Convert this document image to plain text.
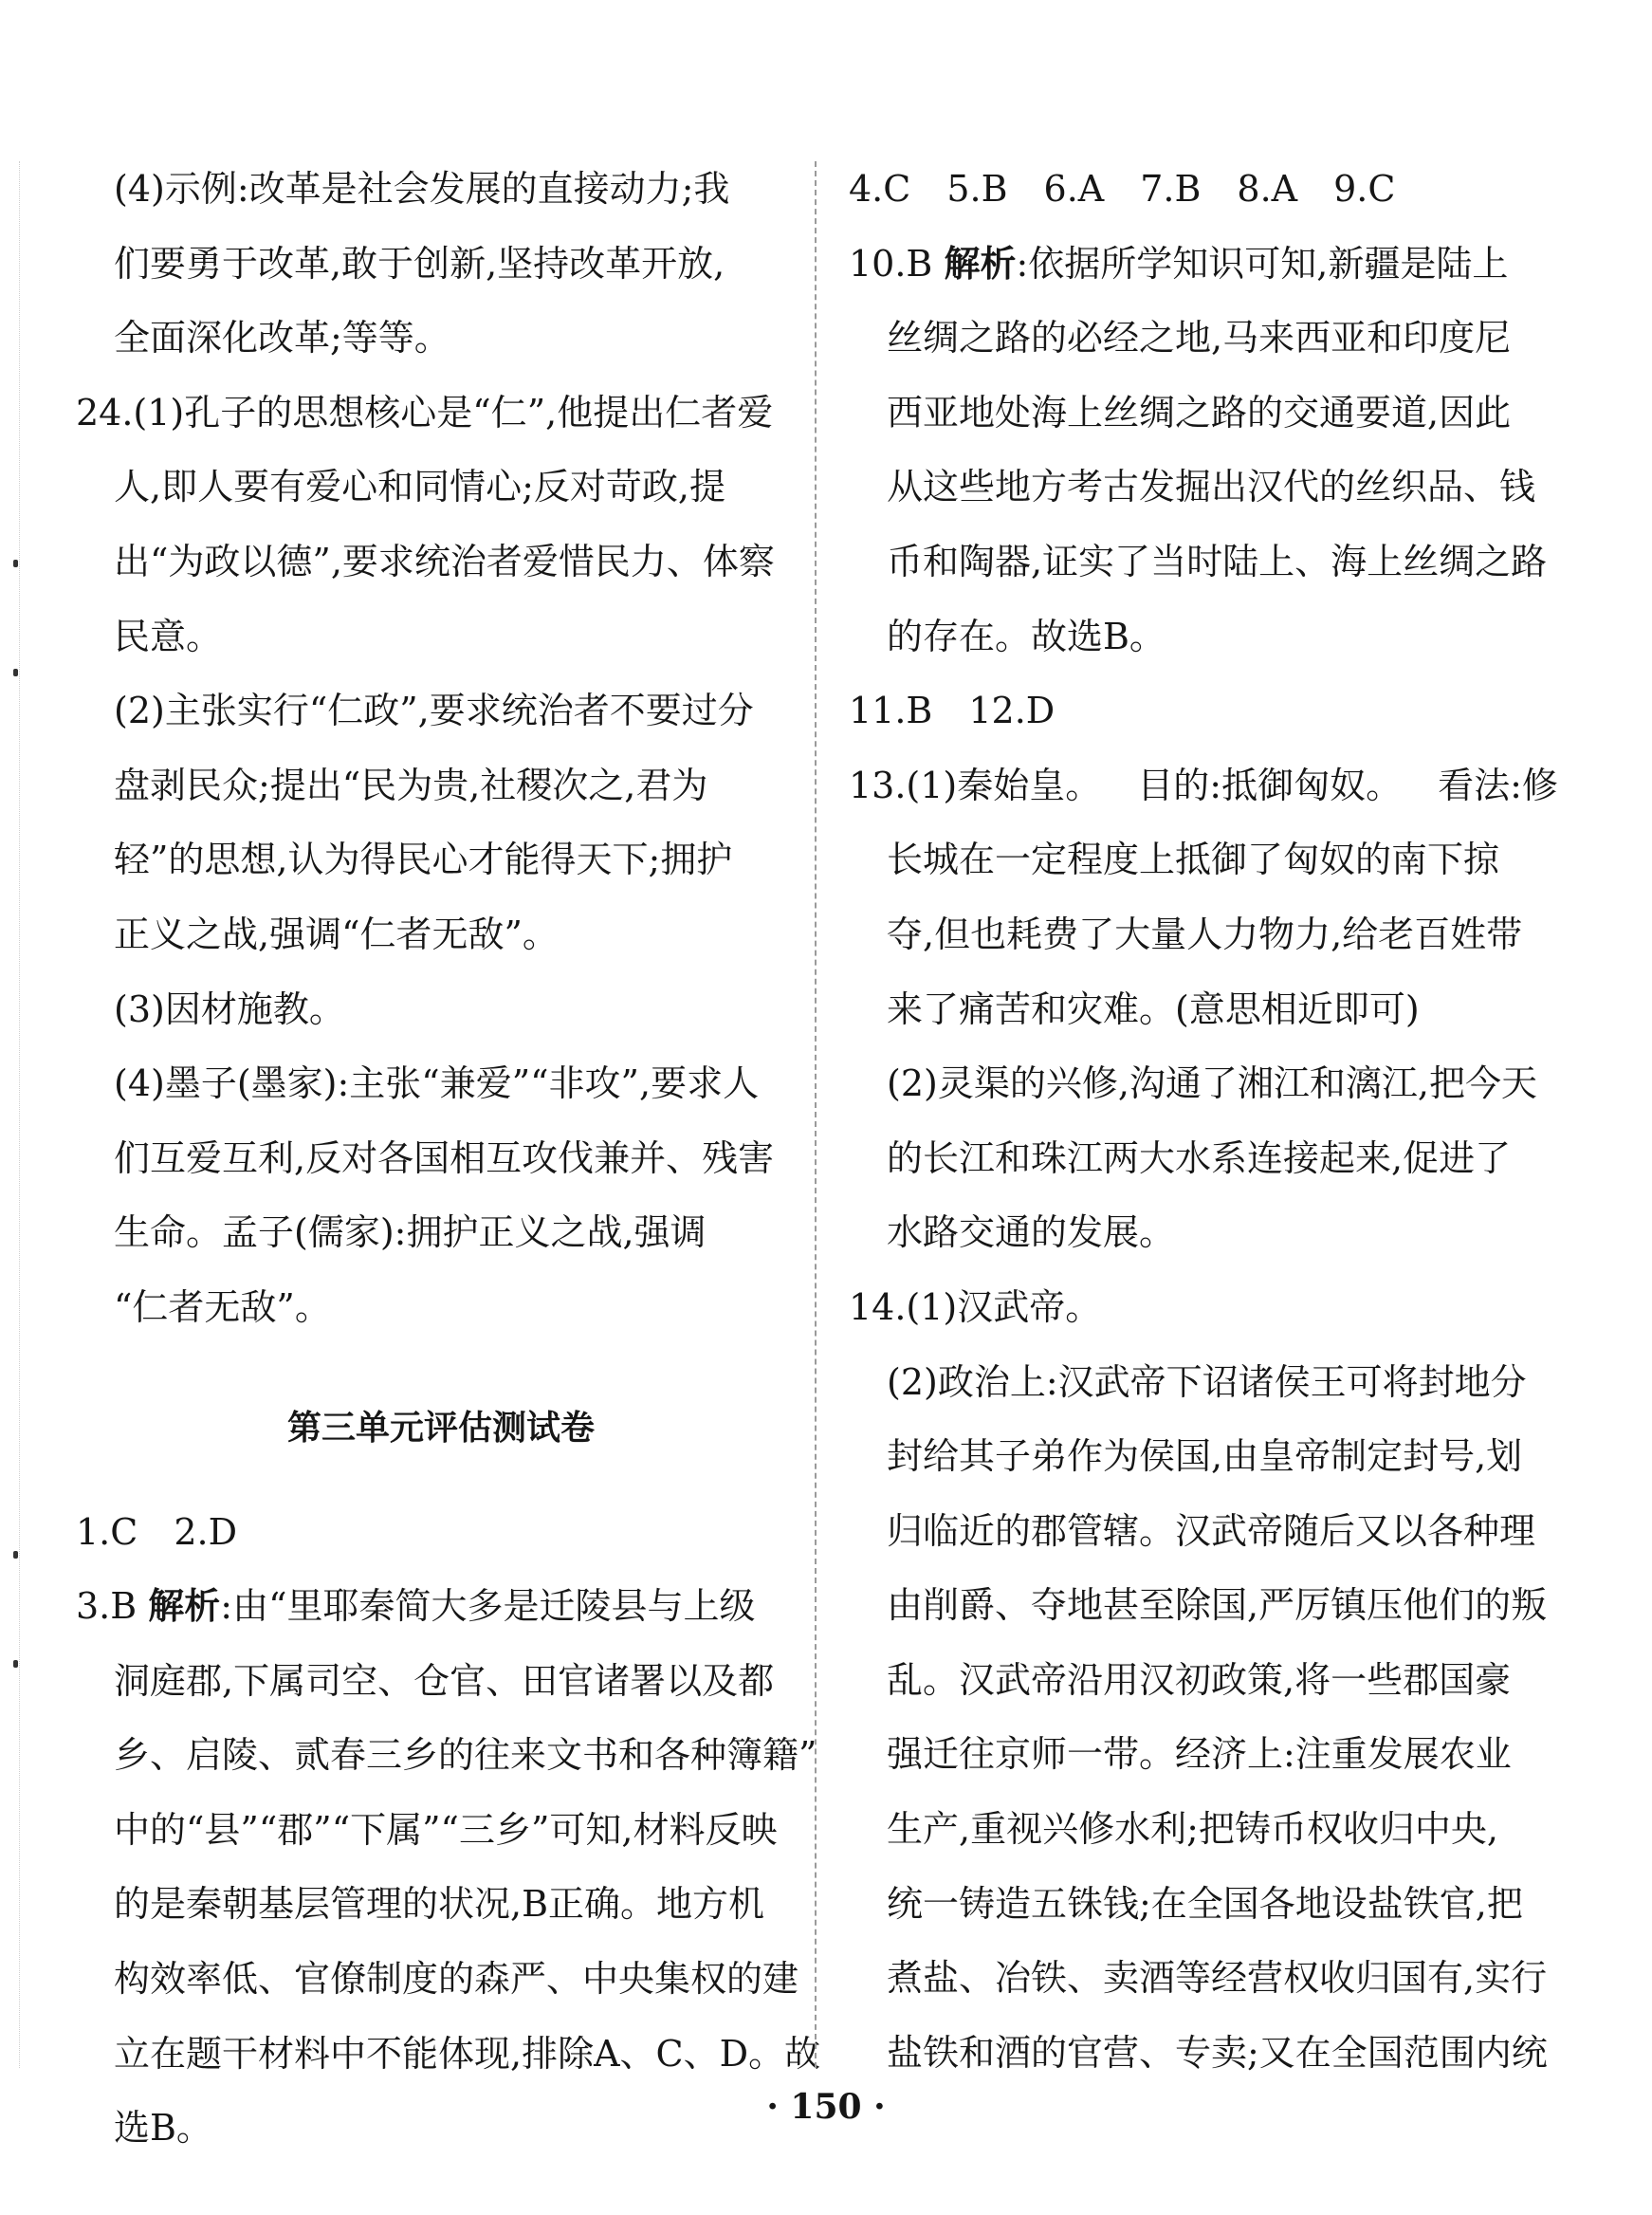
(4)示例:改革是社会发展的直接动力;我
们要勇于改革,敢于创新,坚持改革开放,
全面深化改革;等等。
24.(1)孔子的思想核心是“仁”,他提出仁者爱
人,即人要有爱心和同情心;反对苛政,提
出“为政以德”,要求统治者爱惜民力、体察
民意。
(2)主张实行“仁政”,要求统治者不要过分
盘剥民众;提出“民为贵,社稷次之,君为
轻”的思想,认为得民心才能得天下;拥护
正义之战,强调“仁者无敌”。
(3)因材施教。
(4)墨子(墨家):主张“兼爱”“非攻”,要求人
们互爱互利,反对各国相互攻伐兼并、残害
生命。孟子(儒家):拥护正义之战,强调
“仁者无敌”。
第三单元评估测试卷
1.C 2.D
3.B 解析:由“里耶秦简大多是迁陵县与上级
洞庭郡,下属司空、仓官、田官诸署以及都
乡、启陵、贰春三乡的往来文书和各种簿籍”
中的“县”“郡”“下属”“三乡”可知,材料反映
的是秦朝基层管理的状况,B正确。地方机
构效率低、官僚制度的森严、中央集权的建
立在题干材料中不能体现,排除A、C、D。故
选B。
4.C 5.B 6.A 7.B 8.A 9.C
10.B 解析:依据所学知识可知,新疆是陆上
丝绸之路的必经之地,马来西亚和印度尼
西亚地处海上丝绸之路的交通要道,因此
从这些地方考古发掘出汉代的丝织品、钱
币和陶器,证实了当时陆上、海上丝绸之路
的存在。故选B。
11.B 12.D
13.(1)秦始皇。 目的:抵御匈奴。 看法:修
长城在一定程度上抵御了匈奴的南下掠
夺,但也耗费了大量人力物力,给老百姓带
来了痛苦和灾难。(意思相近即可)
(2)灵渠的兴修,沟通了湘江和漓江,把今天
的长江和珠江两大水系连接起来,促进了
水路交通的发展。
14.(1)汉武帝。
(2)政治上:汉武帝下诏诸侯王可将封地分
封给其子弟作为侯国,由皇帝制定封号,划
归临近的郡管辖。汉武帝随后又以各种理
由削爵、夺地甚至除国,严厉镇压他们的叛
乱。汉武帝沿用汉初政策,将一些郡国豪
强迁往京师一带。经济上:注重发展农业
生产,重视兴修水利;把铸币权收归中央,
统一铸造五铢钱;在全国各地设盐铁官,把
煮盐、冶铁、卖酒等经营权收归国有,实行
盐铁和酒的官营、专卖;又在全国范围内统
· 150 ·
